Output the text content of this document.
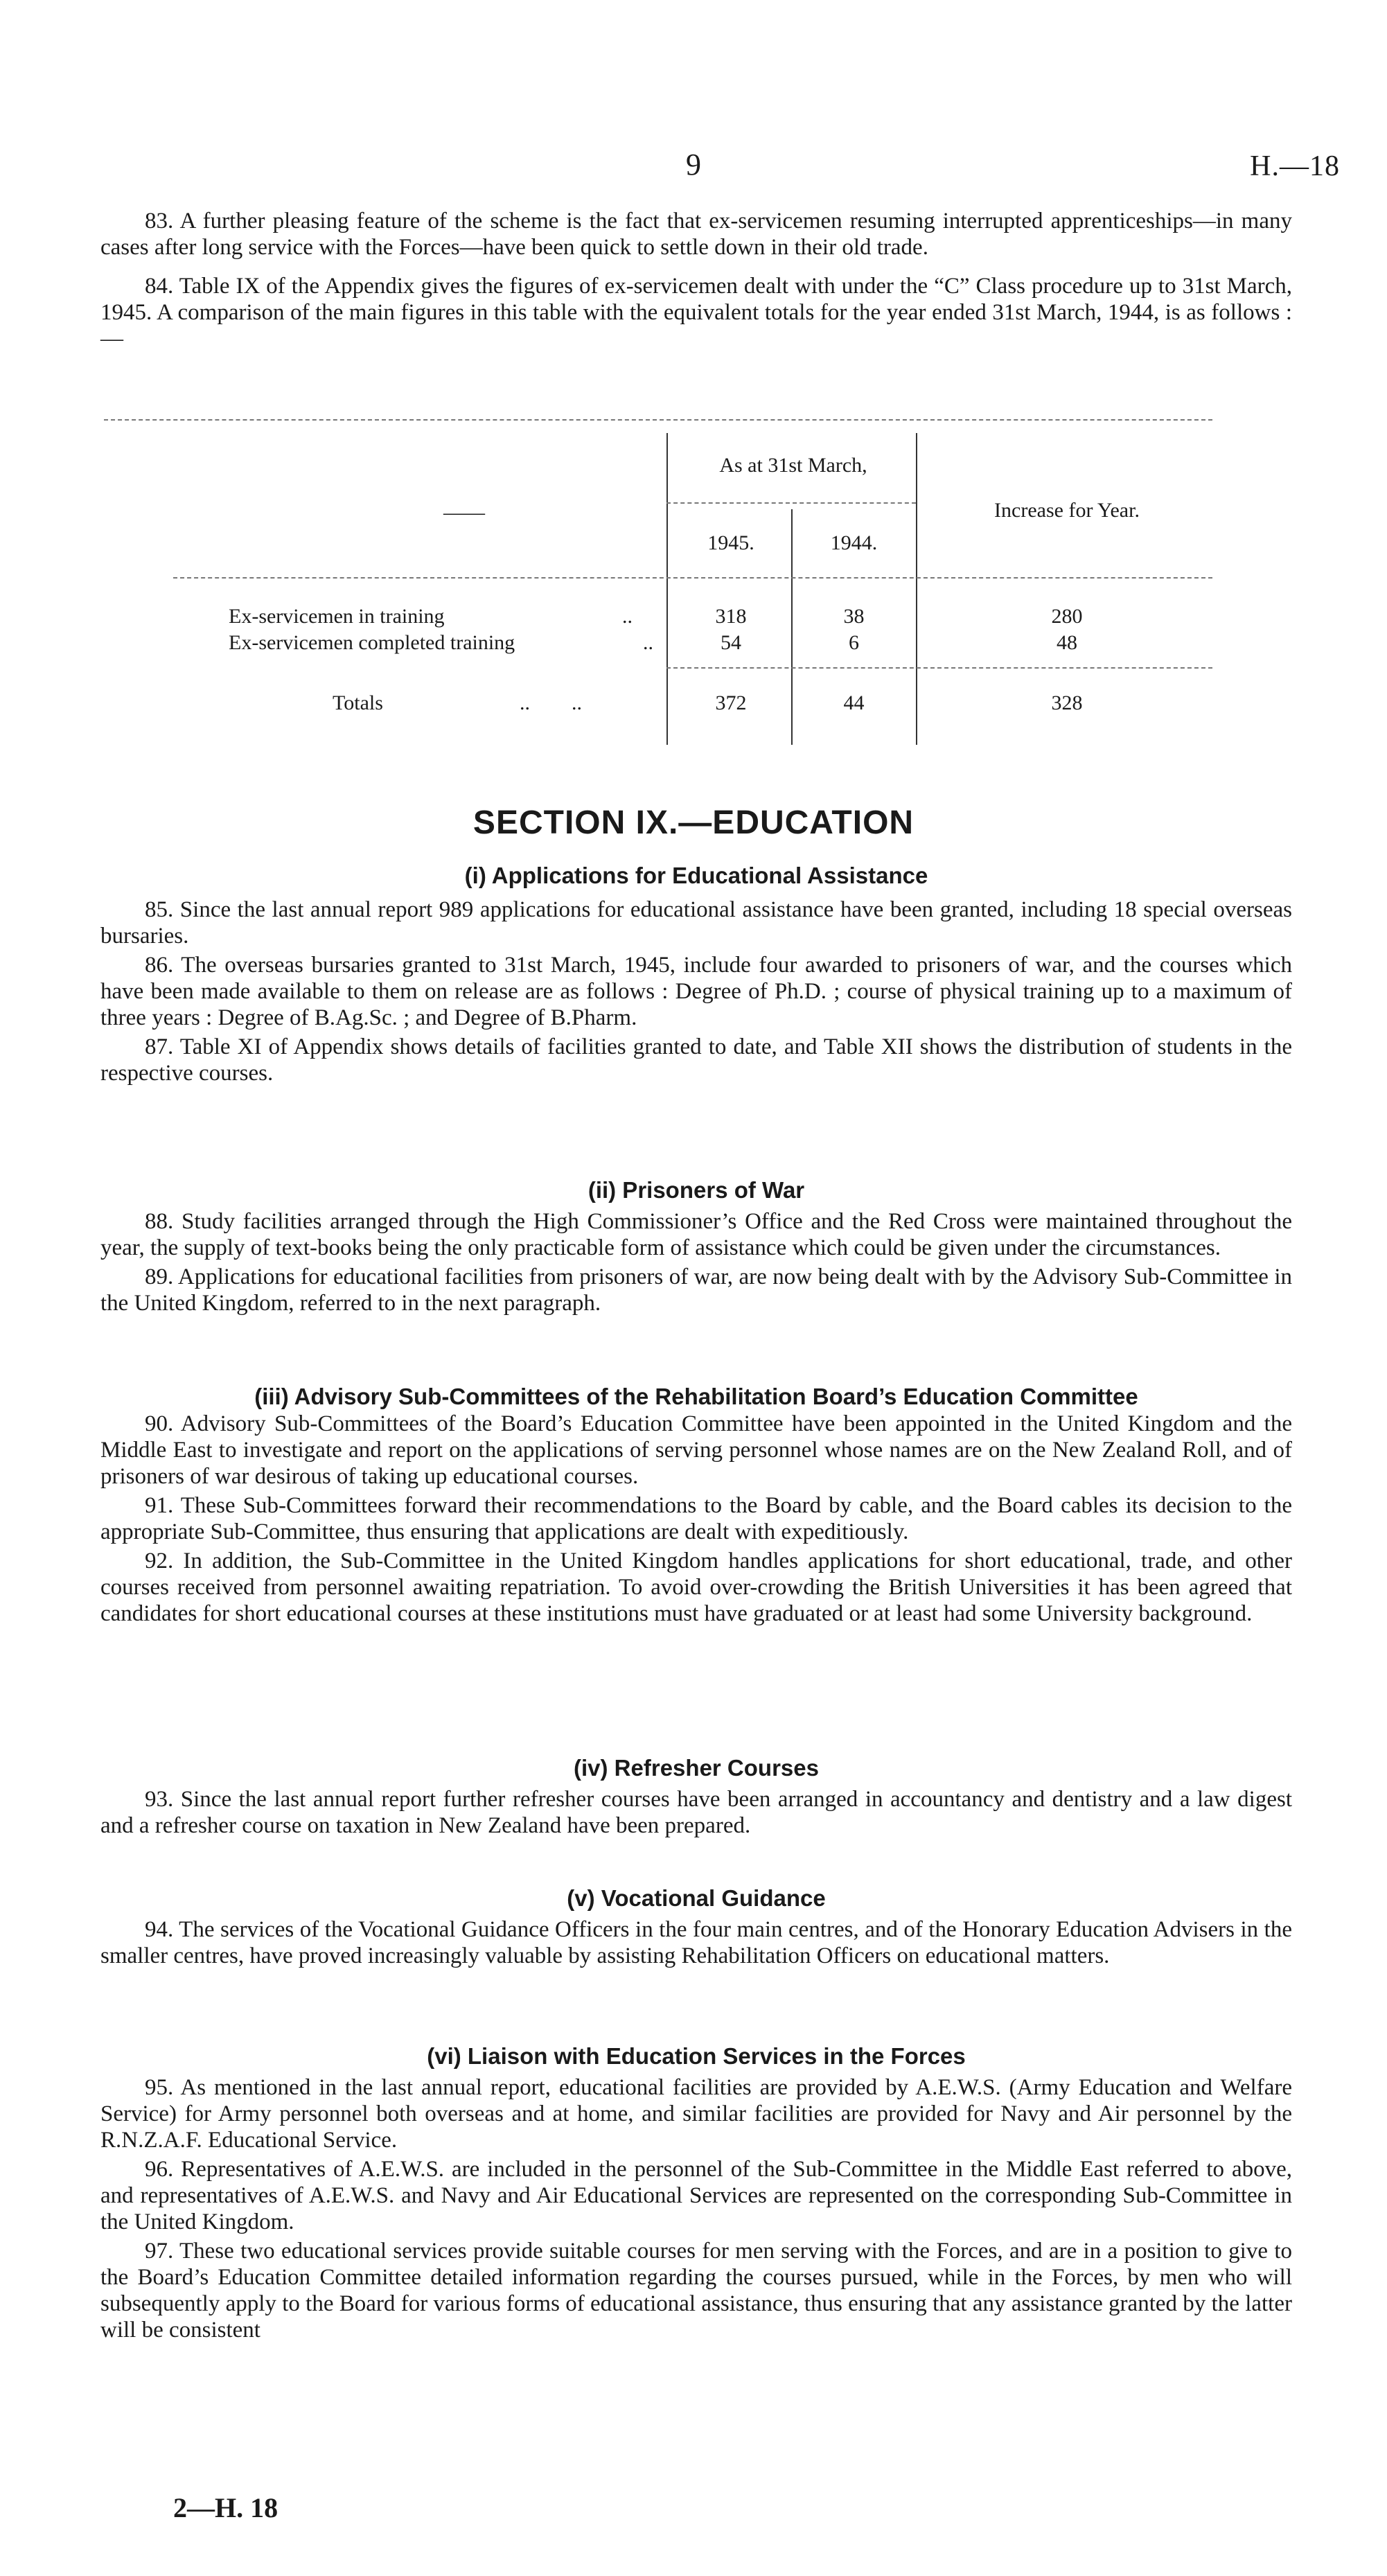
9	H.—18

83. A further pleasing feature of the scheme is the fact that ex-servicemen resuming interrupted apprenticeships—in many cases after long service with the Forces—have been quick to settle down in their old trade.

84. Table IX of the Appendix gives the figures of ex-servicemen dealt with under the “C” Class procedure up to 31st March, 1945. A comparison of the main figures in this table with the equivalent totals for the year ended 31st March, 1944, is as follows :—

——
As at 31st March,
1945.	1944.
Increase for Year.
Ex-servicemen in training	..	318	38	280
Ex-servicemen completed training	..	54	6	48
Totals	..        ..	372	44	328
SECTION IX.—EDUCATION

(i) Applications for Educational Assistance

85. Since the last annual report 989 applications for educational assistance have been granted, including 18 special overseas bursaries.

86. The overseas bursaries granted to 31st March, 1945, include four awarded to prisoners of war, and the courses which have been made available to them on release are as follows : Degree of Ph.D. ; course of physical training up to a maximum of three years : Degree of B.Ag.Sc. ; and Degree of B.Pharm.

87. Table XI of Appendix shows details of facilities granted to date, and Table XII shows the distribution of students in the respective courses.

(ii) Prisoners of War

88. Study facilities arranged through the High Commissioner’s Office and the Red Cross were maintained throughout the year, the supply of text-books being the only practicable form of assistance which could be given under the circumstances.

89. Applications for educational facilities from prisoners of war, are now being dealt with by the Advisory Sub-Committee in the United Kingdom, referred to in the next paragraph.

(iii) Advisory Sub-Committees of the Rehabilitation Board’s Education Committee

90. Advisory Sub-Committees of the Board’s Education Committee have been appointed in the United Kingdom and the Middle East to investigate and report on the applications of serving personnel whose names are on the New Zealand Roll, and of prisoners of war desirous of taking up educational courses.

91. These Sub-Committees forward their recommendations to the Board by cable, and the Board cables its decision to the appropriate Sub-Committee, thus ensuring that applications are dealt with expeditiously.

92. In addition, the Sub-Committee in the United Kingdom handles applications for short educational, trade, and other courses received from personnel awaiting repatriation. To avoid over-crowding the British Universities it has been agreed that candidates for short educational courses at these institutions must have graduated or at least had some University background.

(iv) Refresher Courses

93. Since the last annual report further refresher courses have been arranged in accountancy and dentistry and a law digest and a refresher course on taxation in New Zealand have been prepared.

(v) Vocational Guidance

94. The services of the Vocational Guidance Officers in the four main centres, and of the Honorary Education Advisers in the smaller centres, have proved increasingly valuable by assisting Rehabilitation Officers on educational matters.

(vi) Liaison with Education Services in the Forces

95. As mentioned in the last annual report, educational facilities are provided by A.E.W.S. (Army Education and Welfare Service) for Army personnel both overseas and at home, and similar facilities are provided for Navy and Air personnel by the R.N.Z.A.F. Educational Service.

96. Representatives of A.E.W.S. are included in the personnel of the Sub-Committee in the Middle East referred to above, and representatives of A.E.W.S. and Navy and Air Educational Services are represented on the corresponding Sub-Committee in the United Kingdom.

97. These two educational services provide suitable courses for men serving with the Forces, and are in a position to give to the Board’s Education Committee detailed information regarding the courses pursued, while in the Forces, by men who will subsequently apply to the Board for various forms of educational assistance, thus ensuring that any assistance granted by the latter will be consistent

2—H. 18
